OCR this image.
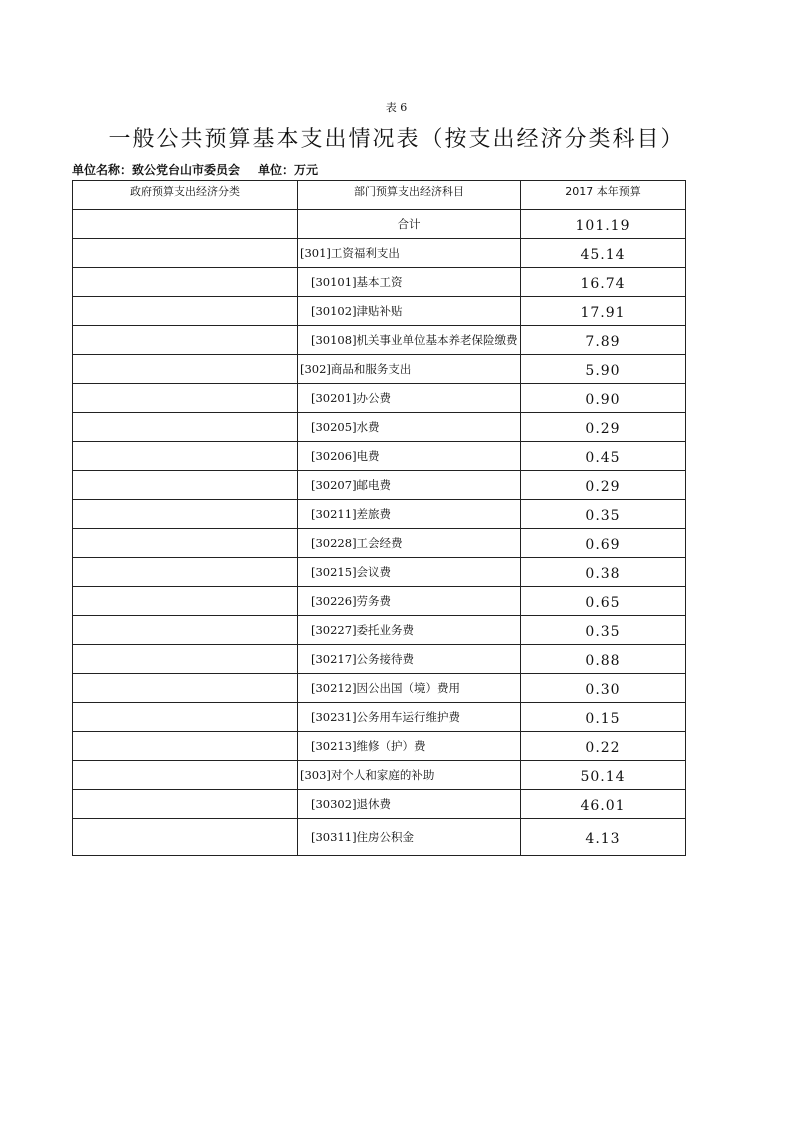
表 6
一般公共预算基本支出情况表（按支出经济分类科目）
单位名称：致公党台山市委员会 单位：万元
政府预算支出经济分类	部门预算支出经济科目	2017 本年预算
	合计	101.19
	[301]工资福利支出	45.14
	[30101]基本工资	16.74
	[30102]津贴补贴	17.91
	[30108]机关事业单位基本养老保险缴费	7.89
	[302]商品和服务支出	5.90
	[30201]办公费	0.90
	[30205]水费	0.29
	[30206]电费	0.45
	[30207]邮电费	0.29
	[30211]差旅费	0.35
	[30228]工会经费	0.69
	[30215]会议费	0.38
	[30226]劳务费	0.65
	[30227]委托业务费	0.35
	[30217]公务接待费	0.88
	[30212]因公出国（境）费用	0.30
	[30231]公务用车运行维护费	0.15
	[30213]维修（护）费	0.22
	[303]对个人和家庭的补助	50.14
	[30302]退休费	46.01
	[30311]住房公积金	4.13
